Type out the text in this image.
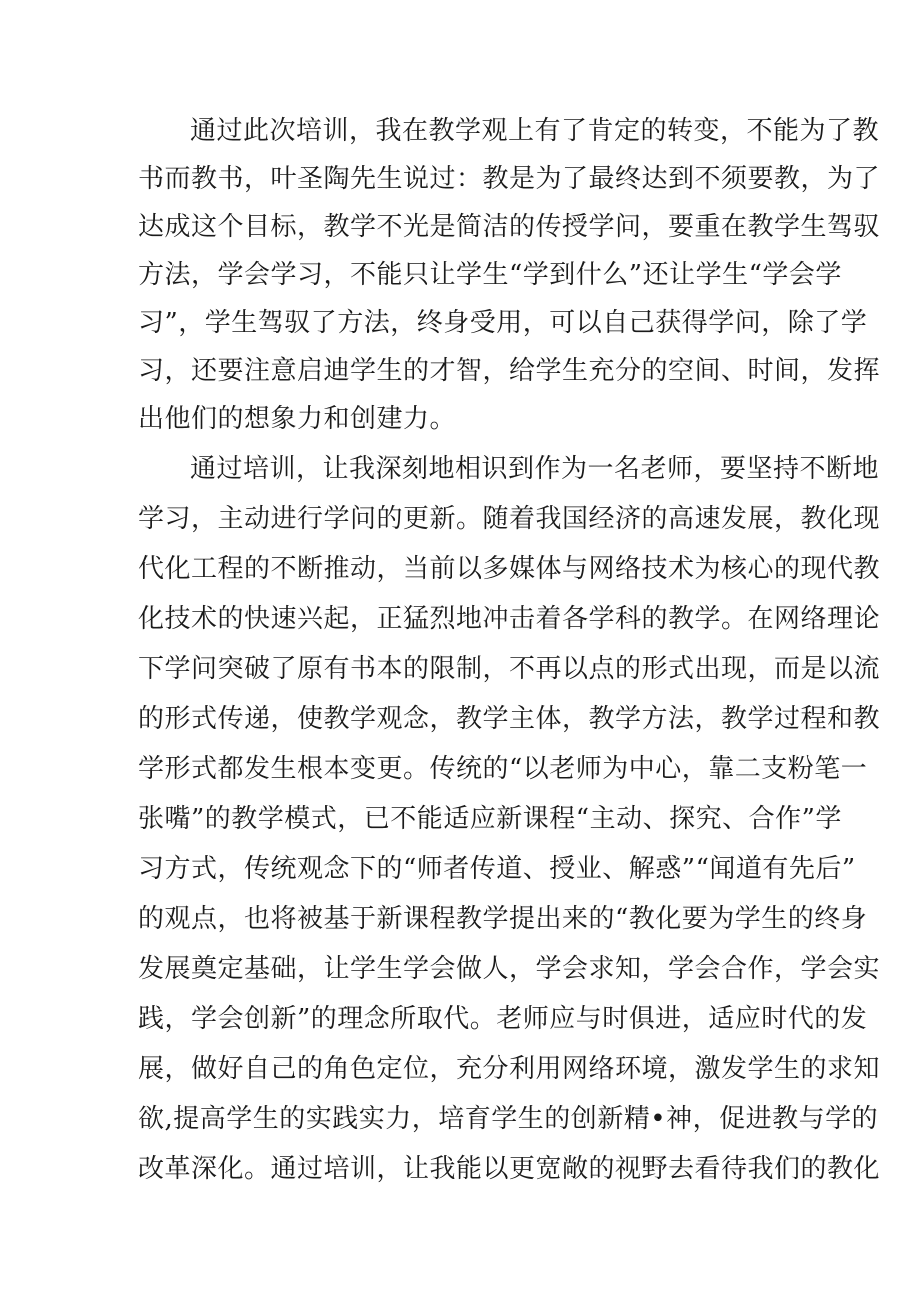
通过此次培训，我在教学观上有了肯定的转变，不能为了教
书而教书，叶圣陶先生说过：教是为了最终达到不须要教，为了
达成这个目标，教学不光是简洁的传授学问，要重在教学生驾驭
方法，学会学习，不能只让学生“学到什么”还让学生“学会学
习”，学生驾驭了方法，终身受用，可以自己获得学问，除了学
习，还要注意启迪学生的才智，给学生充分的空间、时间，发挥
出他们的想象力和创建力。
通过培训，让我深刻地相识到作为一名老师，要坚持不断地
学习，主动进行学问的更新。随着我国经济的高速发展，教化现
代化工程的不断推动，当前以多媒体与网络技术为核心的现代教
化技术的快速兴起，正猛烈地冲击着各学科的教学。在网络理论
下学问突破了原有书本的限制，不再以点的形式出现，而是以流
的形式传递，使教学观念，教学主体，教学方法，教学过程和教
学形式都发生根本变更。传统的“以老师为中心，靠二支粉笔一
张嘴”的教学模式，已不能适应新课程“主动、探究、合作”学
习方式，传统观念下的“师者传道、授业、解惑”“闻道有先后”
的观点，也将被基于新课程教学提出来的“教化要为学生的终身
发展奠定基础，让学生学会做人，学会求知，学会合作，学会实
践，学会创新”的理念所取代。老师应与时俱进，适应时代的发
展，做好自己的角色定位，充分利用网络环境，激发学生的求知
欲,提高学生的实践实力，培育学生的创新精•神，促进教与学的
改革深化。通过培训，让我能以更宽敞的视野去看待我们的教化
